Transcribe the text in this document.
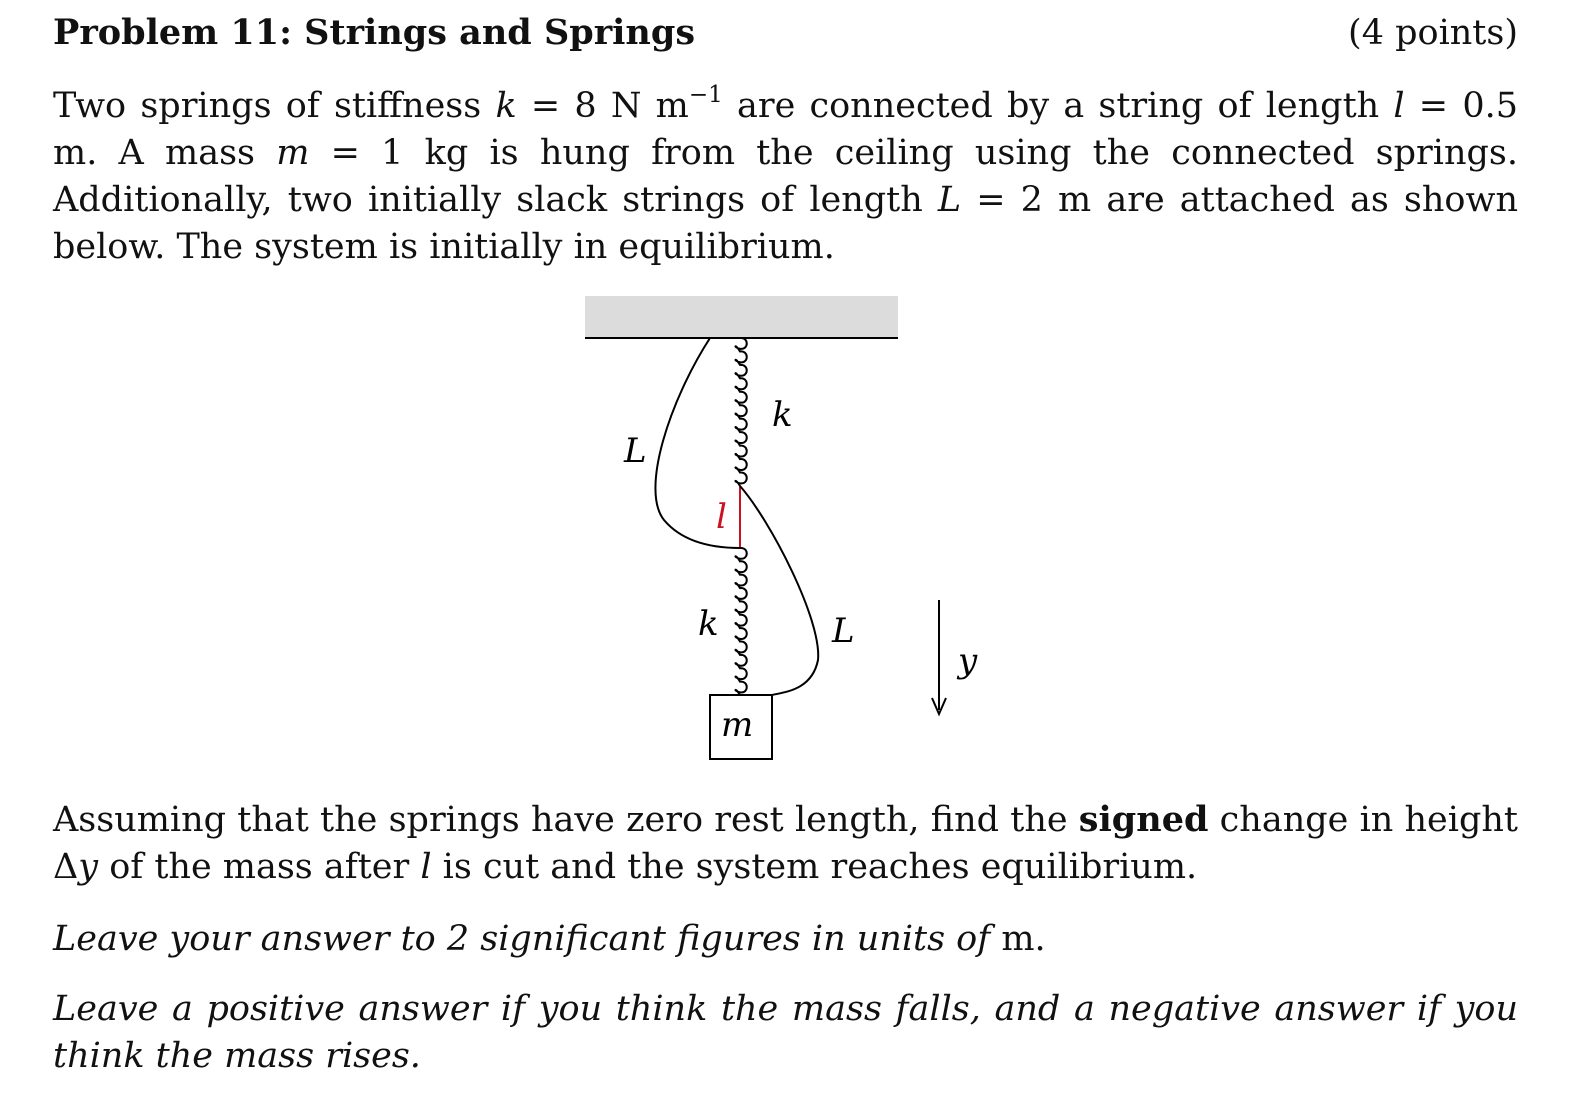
Problem 11: Strings and Springs	(4 points)
Two springs of stiffness k = 8 N $m^{-1}$ are connected by a string of length l = 0.5 m. A mass m = 1 kg is hung from the ceiling using the connected springs. Additionally, two initially slack strings of length L = 2 m are attached as shown below. The system is initially in equilibrium.
k
L
l
k	L
y
m
Assuming that the springs have zero rest length, find the signed change in height Δy of the mass after l is cut and the system reaches equilibrium.
Leave your answer to 2 significant figures in units of m.
Leave a positive answer if you think the mass falls, and a negative answer if you think the mass rises.
